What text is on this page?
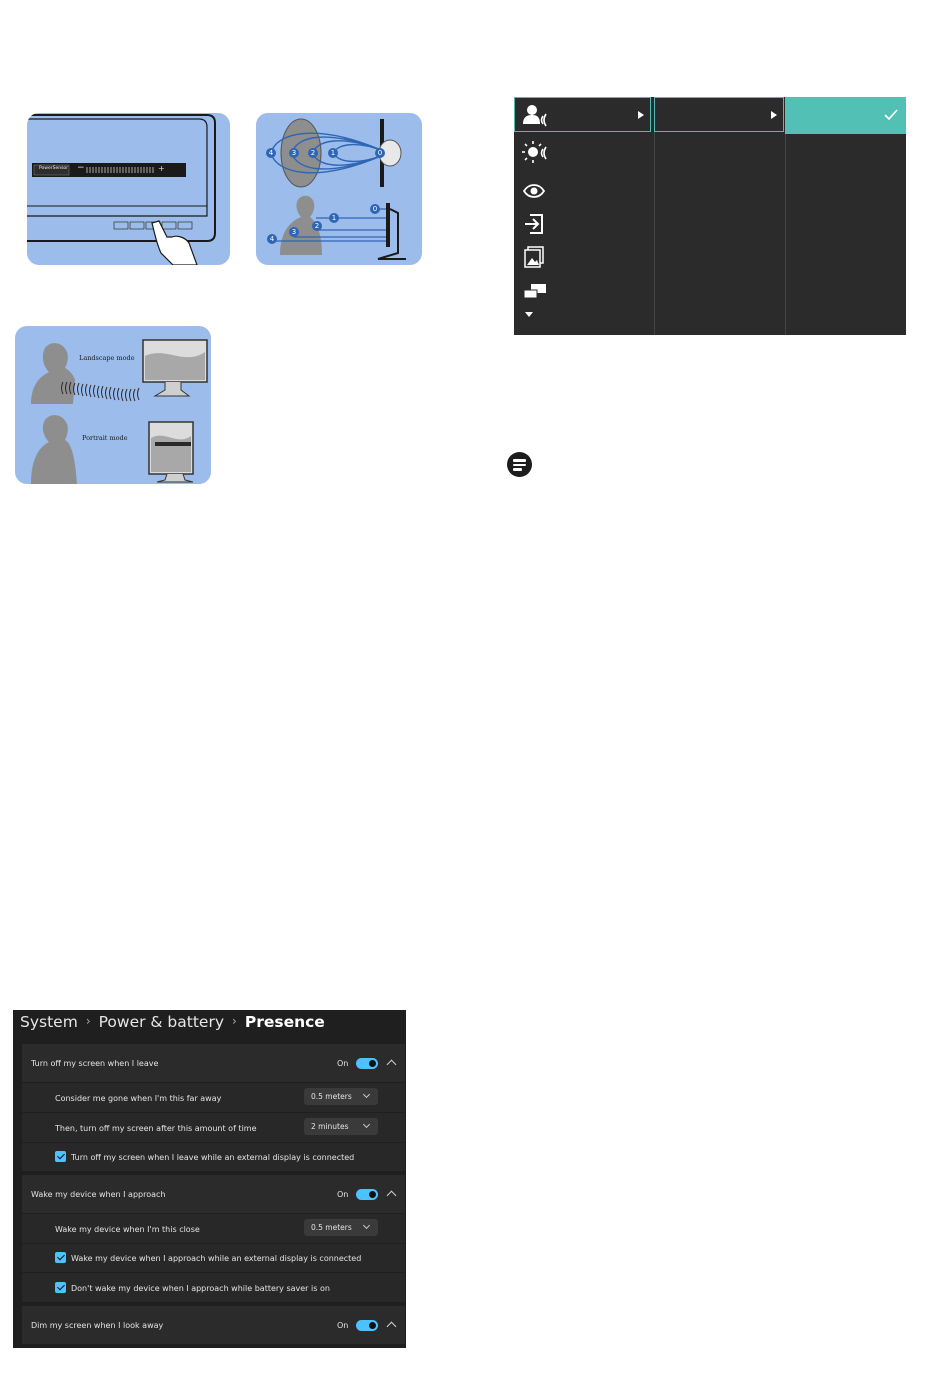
PowerSensor −	+
4	3	2	1	0
0
1
2
3
4
Landscape mode
Portrait mode
System › Power & battery › Presence
Turn off my screen when I leave	On
Consider me gone when I'm this far away	0.5 meters
Then, turn off my screen after this amount of time	2 minutes
Turn off my screen when I leave while an external display is connected
Wake my device when I approach	On
Wake my device when I'm this close	0.5 meters
Wake my device when I approach while an external display is connected
Don't wake my device when I approach while battery saver is on
Dim my screen when I look away	On
